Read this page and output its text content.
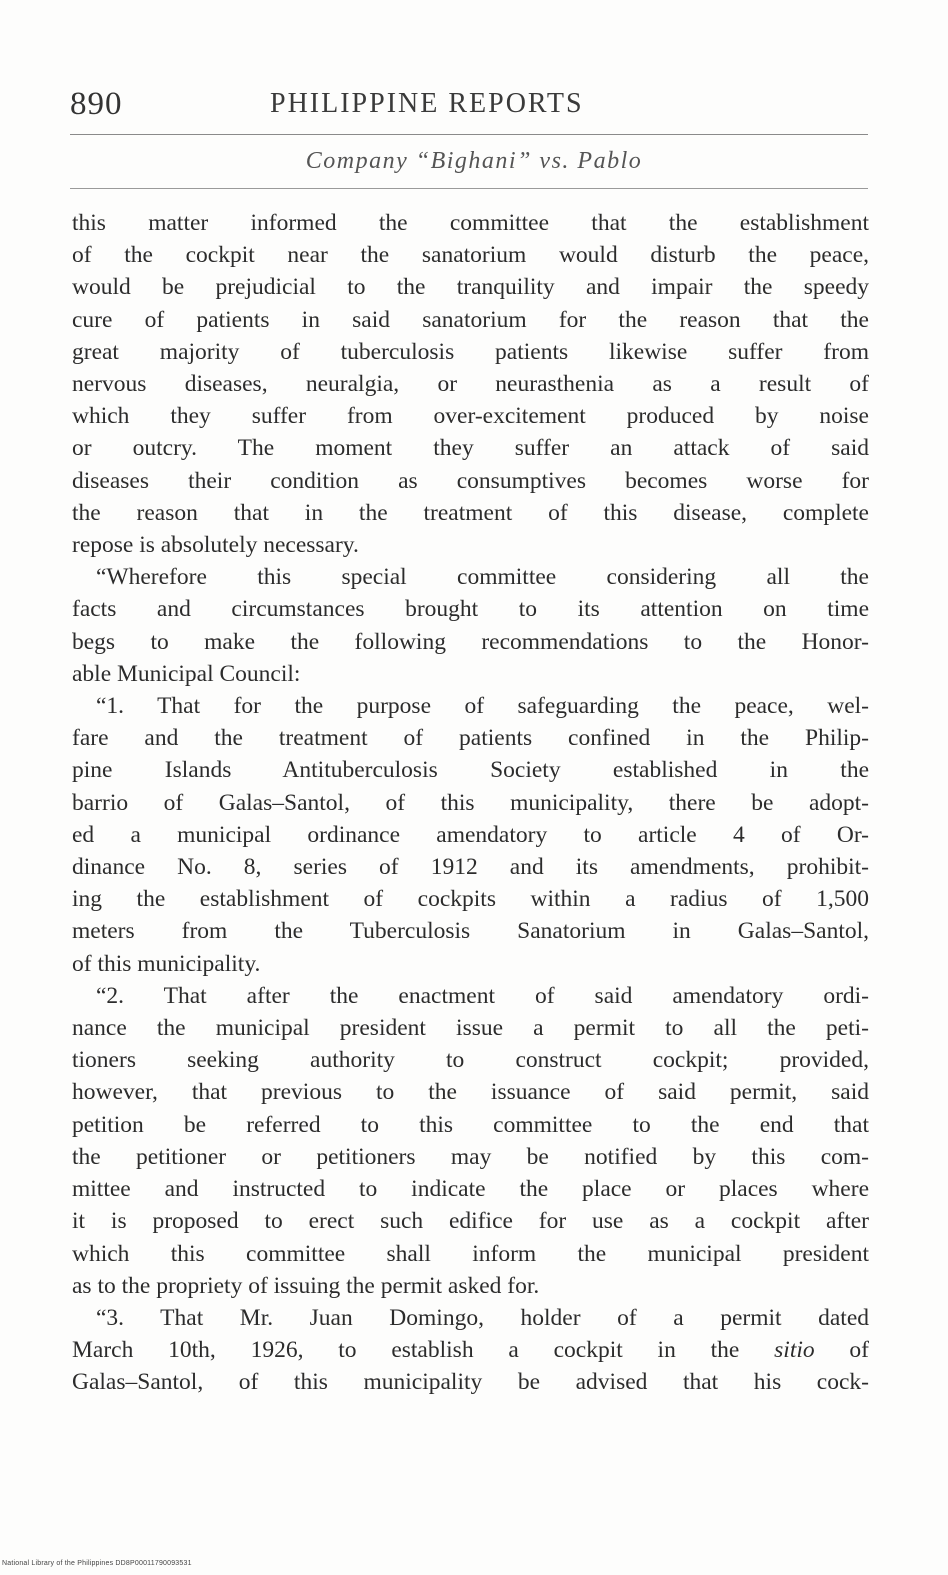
890	PHILIPPINE REPORTS
Company “Bighani” vs. Pablo

this matter informed the committee that the establishment

of the cockpit near the sanatorium would disturb the peace,

would be prejudicial to the tranquility and impair the speedy

cure of patients in said sanatorium for the reason that the

great majority of tuberculosis patients likewise suffer from

nervous diseases, neuralgia, or neurasthenia as a result of

which they suffer from over-excitement produced by noise

or outcry. The moment they suffer an attack of said

diseases their condition as consumptives becomes worse for

the reason that in the treatment of this disease, complete

repose is absolutely necessary.

“Wherefore this special committee considering all the

facts and circumstances brought to its attention on time

begs to make the following recommendations to the Honor-

able Municipal Council:

“1. That for the purpose of safeguarding the peace, wel-

fare and the treatment of patients confined in the Philip-

pine Islands Antituberculosis Society established in the

barrio of Galas–Santol, of this municipality, there be adopt-

ed a municipal ordinance amendatory to article 4 of Or-

dinance No. 8, series of 1912 and its amendments, prohibit-

ing the establishment of cockpits within a radius of 1,500

meters from the Tuberculosis Sanatorium in Galas–Santol,

of this municipality.

“2. That after the enactment of said amendatory ordi-

nance the municipal president issue a permit to all the peti-

tioners seeking authority to construct cockpit; provided,

however, that previous to the issuance of said permit, said

petition be referred to this committee to the end that

the petitioner or petitioners may be notified by this com-

mittee and instructed to indicate the place or places where

it is proposed to erect such edifice for use as a cockpit after

which this committee shall inform the municipal president

as to the propriety of issuing the permit asked for.

“3. That Mr. Juan Domingo, holder of a permit dated

March 10th, 1926, to establish a cockpit in the sitio of

Galas–Santol, of this municipality be advised that his cock-

National Library of the Philippines DD8P00011790093531
